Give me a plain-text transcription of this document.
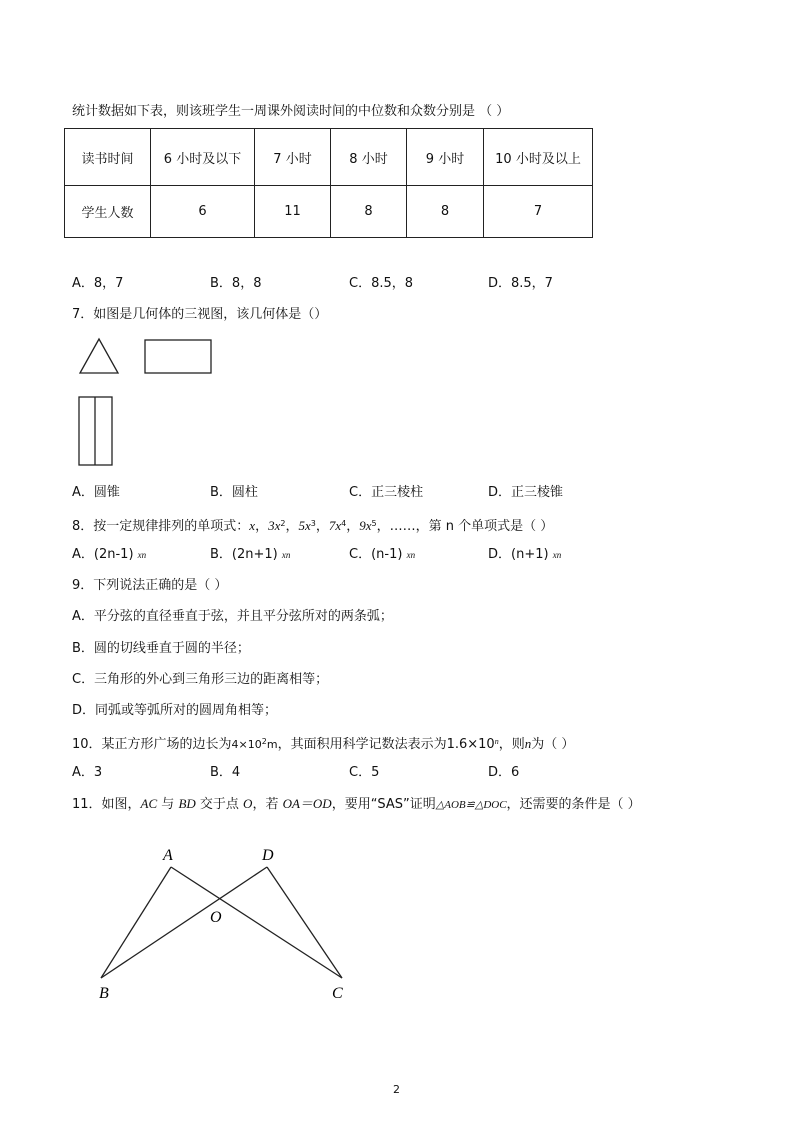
统计数据如下表，则该班学生一周课外阅读时间的中位数和众数分别是 （ ）
读书时间	6 小时及以下	7 小时	8 小时	9 小时	10 小时及以上
学生人数	6	11	8	8	7
A．8，7	B．8，8	C．8.5，8	D．8.5，7
7．如图是几何体的三视图，该几何体是（）
A．圆锥	B．圆柱	C．正三棱柱	D．正三棱锥
8．按一定规律排列的单项式：x，$3x^2$，$5x^3$，$7x^4$，$9x^5$，……，第 n 个单项式是（ ）
A．(2n-1) xn	B．(2n+1) xn	C．(n-1) xn	D．(n+1) xn
9．下列说法正确的是（ ）
A．平分弦的直径垂直于弦，并且平分弦所对的两条弧；
B．圆的切线垂直于圆的半径；
C．三角形的外心到三角形三边的距离相等；
D．同弧或等弧所对的圆周角相等；
10．某正方形广场的边长为$4\times 10^2m$，其面积用科学记数法表示为$1.6\times 10^n$，则n为（ ）
A．3	B．4	C．5	D．6
11．如图，AC 与 BD 交于点 O，若 OA＝OD，要用“SAS”证明△AOB≌△DOC，还需要的条件是（ ）
A	D
O
B	C
2
